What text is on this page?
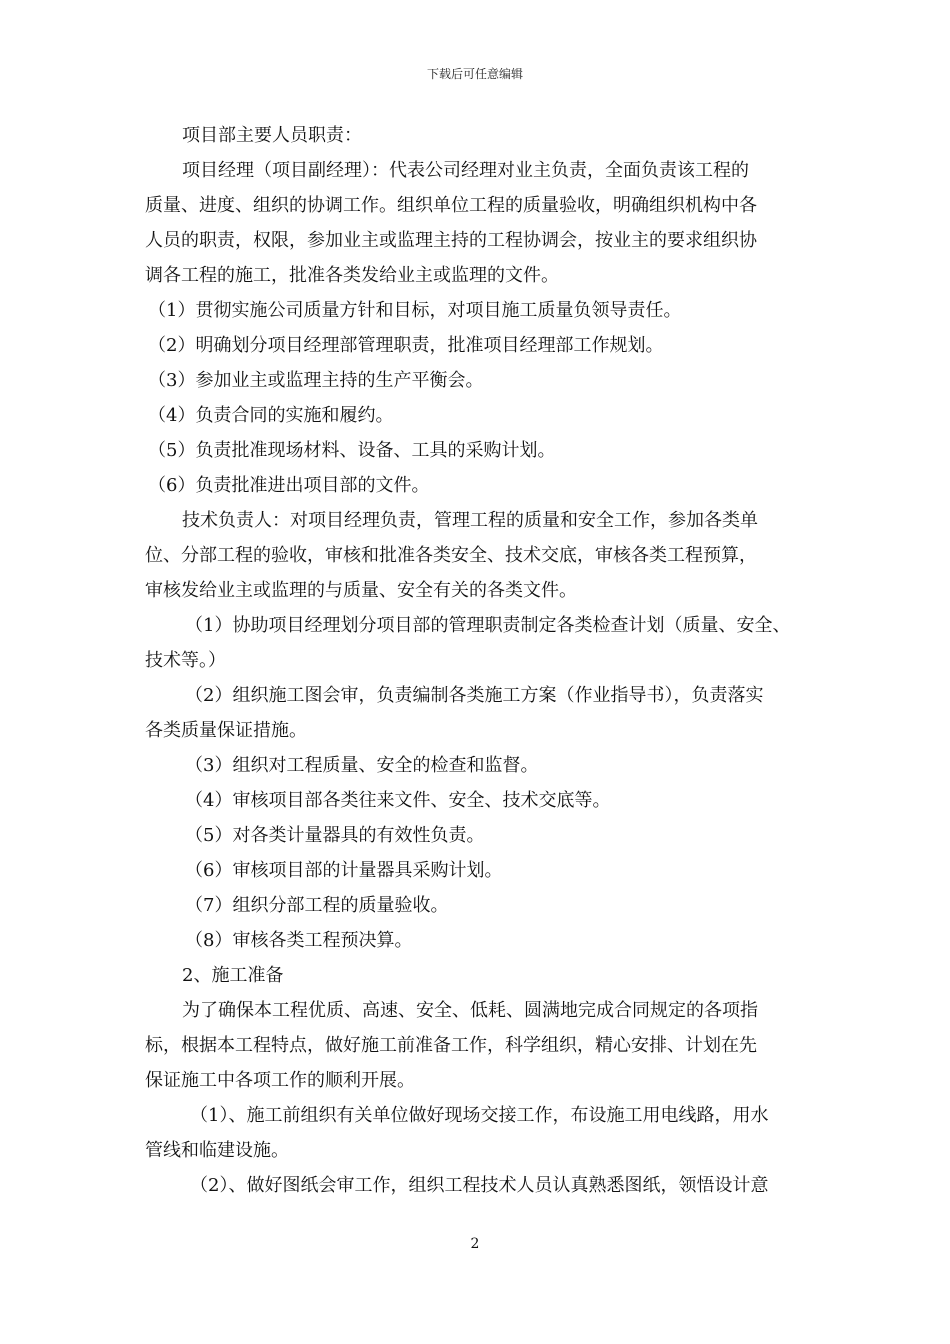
下载后可任意编辑
项目部主要人员职责：
项目经理（项目副经理）：代表公司经理对业主负责，全面负责该工程的
质量、进度、组织的协调工作。组织单位工程的质量验收，明确组织机构中各
人员的职责，权限，参加业主或监理主持的工程协调会，按业主的要求组织协
调各工程的施工，批准各类发给业主或监理的文件。
（1）贯彻实施公司质量方针和目标，对项目施工质量负领导责任。
（2）明确划分项目经理部管理职责，批准项目经理部工作规划。
（3）参加业主或监理主持的生产平衡会。
（4）负责合同的实施和履约。
（5）负责批准现场材料、设备、工具的采购计划。
（6）负责批准进出项目部的文件。
技术负责人：对项目经理负责，管理工程的质量和安全工作，参加各类单
位、分部工程的验收，审核和批准各类安全、技术交底，审核各类工程预算，
审核发给业主或监理的与质量、安全有关的各类文件。
（1）协助项目经理划分项目部的管理职责制定各类检查计划（质量、安全、
技术等。）
（2）组织施工图会审，负责编制各类施工方案（作业指导书），负责落实
各类质量保证措施。
（3）组织对工程质量、安全的检查和监督。
（4）审核项目部各类往来文件、安全、技术交底等。
（5）对各类计量器具的有效性负责。
（6）审核项目部的计量器具采购计划。
（7）组织分部工程的质量验收。
（8）审核各类工程预决算。
2、施工准备
为了确保本工程优质、高速、安全、低耗、圆满地完成合同规定的各项指
标，根据本工程特点，做好施工前准备工作，科学组织，精心安排、计划在先
保证施工中各项工作的顺利开展。
（1）、施工前组织有关单位做好现场交接工作，布设施工用电线路，用水
管线和临建设施。
（2）、做好图纸会审工作，组织工程技术人员认真熟悉图纸，领悟设计意
2
